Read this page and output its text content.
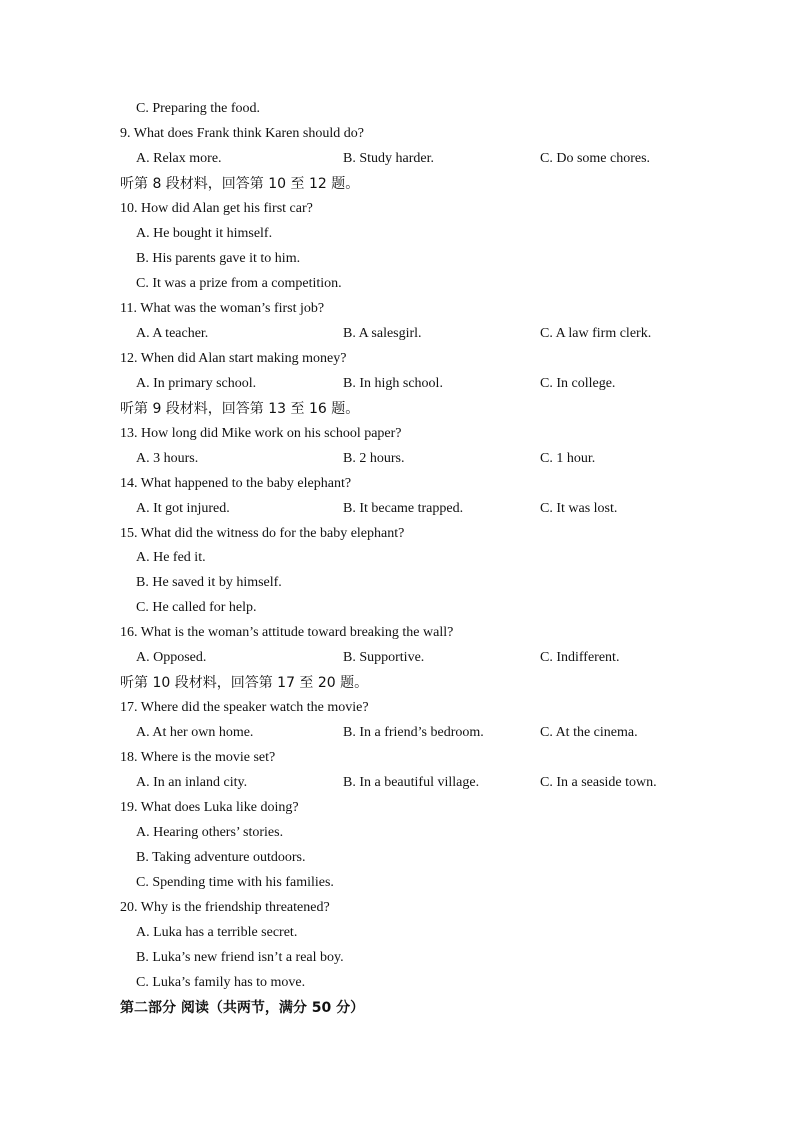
C. Preparing the food.
9. What does Frank think Karen should do?
A. Relax more.	B. Study harder.	C. Do some chores.
听第 8 段材料，回答第 10 至 12 题。
10. How did Alan get his first car?
A. He bought it himself.
B. His parents gave it to him.
C. It was a prize from a competition.
11. What was the woman’s first job?
A. A teacher.	B. A salesgirl.	C. A law firm clerk.
12. When did Alan start making money?
A. In primary school.	B. In high school.	C. In college.
听第 9 段材料，回答第 13 至 16 题。
13. How long did Mike work on his school paper?
A. 3 hours.	B. 2 hours.	C. 1 hour.
14. What happened to the baby elephant?
A. It got injured.	B. It became trapped.	C. It was lost.
15. What did the witness do for the baby elephant?
A. He fed it.
B. He saved it by himself.
C. He called for help.
16. What is the woman’s attitude toward breaking the wall?
A. Opposed.	B. Supportive.	C. Indifferent.
听第 10 段材料，回答第 17 至 20 题。
17. Where did the speaker watch the movie?
A. At her own home.	B. In a friend’s bedroom.	C. At the cinema.
18. Where is the movie set?
A. In an inland city.	B. In a beautiful village.	C. In a seaside town.
19. What does Luka like doing?
A. Hearing others’ stories.
B. Taking adventure outdoors.
C. Spending time with his families.
20. Why is the friendship threatened?
A. Luka has a terrible secret.
B. Luka’s new friend isn’t a real boy.
C. Luka’s family has to move.
第二部分 阅读（共两节，满分 50 分）
